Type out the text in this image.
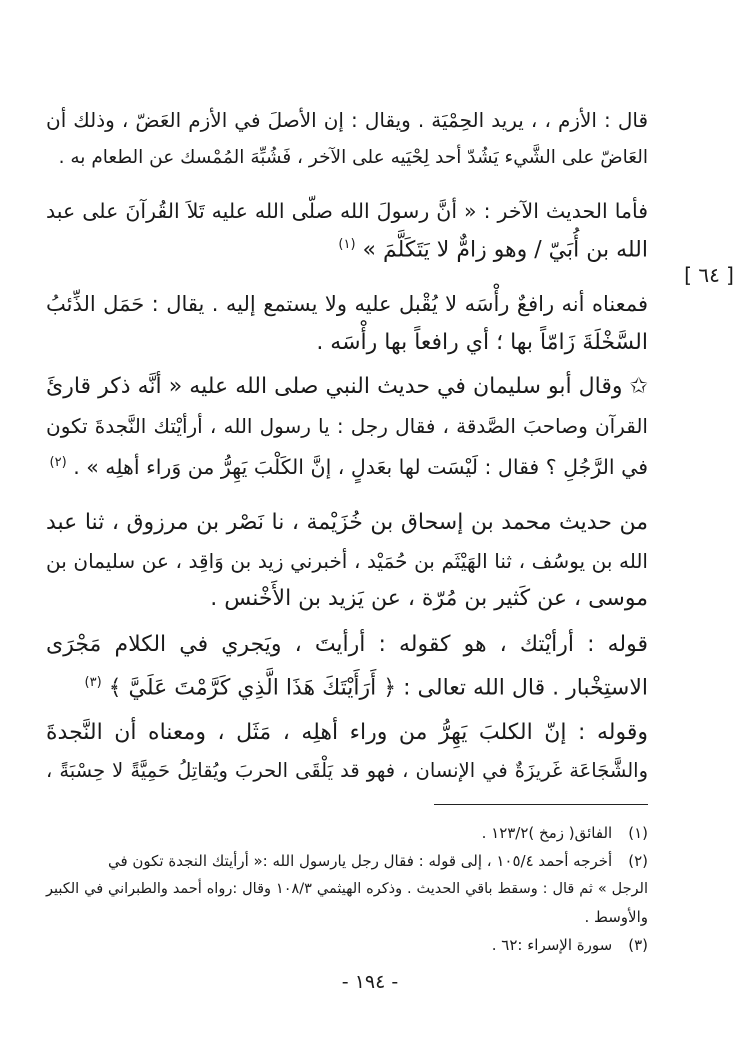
قال : الأزم ، ، يريد الحِمْيَة . ويقال : إن الأصلَ في الأزم العَضّ ، وذلك أن
العَاضّ على الشَّيء يَشُدّ أحد لِحْيَيه على الآخر ، فَشُبِّهَ المُمْسك عن الطعام به .
فأما الحديث الآخر : « أنَّ رسولَ الله صلّى الله عليه تَلاَ القُرآنَ على عبد
الله بن أُبَيّ / وهو زامٌّ لا يَتَكَلَّمَ » $^{(١)}$
[ ٦٤ ]
فمعناه أنه رافعٌ رأْسَه لا يُقْبل عليه ولا يستمع إليه . يقال : حَمَل الذِّئبُ
السَّخْلَةَ زَامّاً بها ؛ أي رافعاً بها رأْسَه .
✩ وقال أبو سليمان في حديث النبي صلى الله عليه « أنَّه ذكر قارئَ
القرآن وصاحبَ الصَّدقة ، فقال رجل : يا رسول الله ، أرأيْتك النَّجدةَ تكون
في الرَّجُلِ ؟ فقال : لَيْسَت لها بعَدلٍ ، إنَّ الكَلْبَ يَهِرُّ من وَراء أهلِه » . $^{(٢)}$
من حديث محمد بن إسحاق بن خُزَيْمة ، نا نَصْر بن مرزوق ، ثنا عبد
الله بن يوسُف ، ثنا الهَيْثَم بن حُمَيْد ، أخبرني زيد بن وَاقِد ، عن سليمان بن
موسى ، عن كَثير بن مُرّة ، عن يَزيد بن الأَخْنس .
قوله : أرأيْتك ، هو كقوله : أرأيتَ ، ويَجري في الكلام مَجْرَى
الاستِخْبار . قال الله تعالى : ﴿ أَرَأَيْتَكَ هَذَا الَّذِي كَرَّمْتَ عَلَيَّ ﴾ $^{(٣)}$
وقوله : إنّ الكلبَ يَهِرُّ من وراء أهلِه ، مَثَل ، ومعناه أن النَّجدةَ
والشَّجَاعَة غَريزَةٌ في الإنسان ، فهو قد يَلْقَى الحربَ ويُقاتِلُ حَمِيَّةً لا حِسْبَةً ،
(١)الفائق( زمخ )١٢٣/٢ .
(٢)أخرجه أحمد ١٠٥/٤ ، إلى قوله : فقال رجل يارسول الله :« أرأيتك النجدة تكون في
الرجل » ثم قال : وسقط باقي الحديث . وذكره الهيثمي ١٠٨/٣ وقال :رواه أحمد والطبراني في الكبير
والأوسط .
(٣)سورة الإسراء :٦٢ .
- ١٩٤ -
